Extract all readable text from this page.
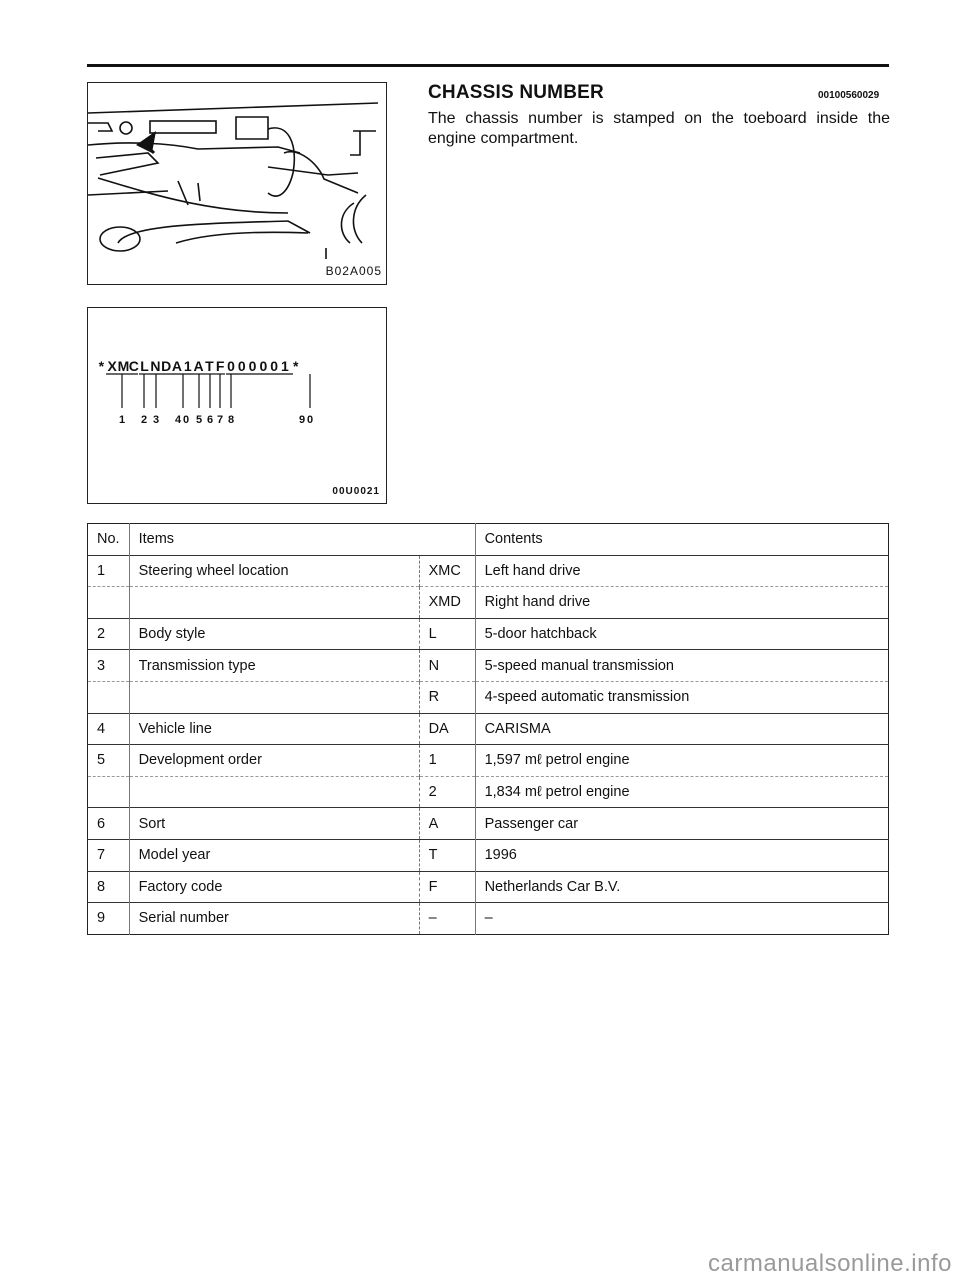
B02A005
* X M C L N D A 1 A T F 0 0 0 0 0 1 *
1 2 3 4 0 5 6 7 8	9 0
00U0021
CHASSIS NUMBER	00100560029
The chassis number is stamped on the toeboard inside the engine compartment.
No.	Items		Contents
1	Steering wheel location	XMC	Left hand drive
		XMD	Right hand drive
2	Body style	L	5-door hatchback
3	Transmission type	N	5-speed manual transmission
		R	4-speed automatic transmission
4	Vehicle line	DA	CARISMA
5	Development order	1	1,597 mℓ petrol engine
		2	1,834 mℓ petrol engine
6	Sort	A	Passenger car
7	Model year	T	1996
8	Factory code	F	Netherlands Car B.V.
9	Serial number	–	–
carmanualsonline.info
